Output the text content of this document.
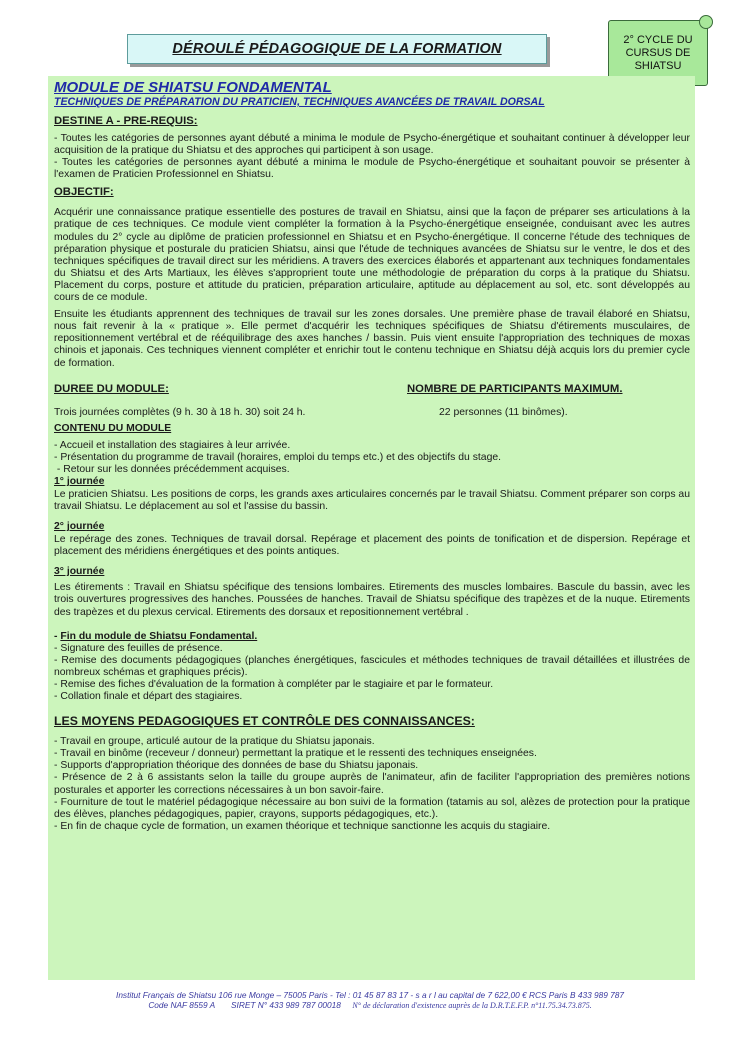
DÉROULÉ PÉDAGOGIQUE DE LA FORMATION
2° CYCLE DU
CURSUS DE
SHIATSU
MODULE DE SHIATSU FONDAMENTAL
TECHNIQUES DE PRÉPARATION DU PRATICIEN, TECHNIQUES AVANCÉES DE TRAVAIL DORSAL
DESTINE A - PRE-REQUIS:

- Toutes les catégories de personnes ayant débuté a minima le module de Psycho-énergétique et souhaitant continuer à développer leur acquisition de la pratique du Shiatsu et des approches qui participent à son usage.

- Toutes les catégories de personnes ayant débuté a minima le module de Psycho-énergétique et souhaitant pouvoir se présenter à l'examen de Praticien Professionnel en Shiatsu.

OBJECTIF:

Acquérir une connaissance pratique essentielle des postures de travail en Shiatsu, ainsi que la façon de préparer ses articulations à la pratique de ces techniques. Ce module vient compléter la formation à la Psycho-énergétique enseignée, conduisant avec les autres modules du 2° cycle au diplôme de praticien professionnel en Shiatsu et en Psycho-énergétique. Il concerne l'étude des techniques de préparation physique et posturale du praticien Shiatsu, ainsi que l'étude de techniques avancées de Shiatsu sur le ventre, le dos et des techniques spécifiques de travail direct sur les méridiens. A travers des exercices élaborés et appartenant aux techniques fondamentales du Shiatsu et des Arts Martiaux, les élèves s'approprient toute une méthodologie de préparation du corps à la pratique du Shiatsu. Placement du corps, posture et attitude du praticien, préparation articulaire, aptitude au déplacement au sol, etc. sont développés au cours de ce module.

Ensuite les étudiants apprennent des techniques de travail sur les zones dorsales. Une première phase de travail élaboré en Shiatsu, nous fait revenir à la « pratique ». Elle permet d'acquérir les techniques spécifiques de Shiatsu d'étirements musculaires, de repositionnement vertébral et de rééquilibrage des axes hanches / bassin. Puis vient ensuite l'appropriation des techniques de moxas chinois et japonais. Ces techniques viennent compléter et enrichir tout le contenu technique en Shiatsu déjà acquis lors du premier cycle de formation.

DUREE DU MODULE:	NOMBRE DE PARTICIPANTS MAXIMUM.
Trois journées complètes (9 h. 30 à 18 h. 30) soit 24 h.	22 personnes (11 binômes).
CONTENU DU MODULE

- Accueil et installation des stagiaires à leur arrivée.

- Présentation du programme de travail (horaires, emploi du temps etc.) et des objectifs du stage.

- Retour sur les données précédemment acquises.

1° journée

Le praticien Shiatsu. Les positions de corps, les grands axes articulaires concernés par le travail Shiatsu. Comment préparer son corps au travail Shiatsu. Le déplacement au sol et l'assise du bassin.

2° journée

Le repérage des zones. Techniques de travail dorsal. Repérage et placement des points de tonification et de dispersion. Repérage et placement des méridiens énergétiques et des points antiques.

3° journée

Les étirements : Travail en Shiatsu spécifique des tensions lombaires. Etirements des muscles lombaires. Bascule du bassin, avec les trois ouvertures progressives des hanches. Poussées de hanches. Travail de Shiatsu spécifique des trapèzes et de la nuque. Etirements des trapèzes et du plexus cervical. Etirements des dorsaux et repositionnement vertébral .

- Fin du module de Shiatsu Fondamental.

- Signature des feuilles de présence.

- Remise des documents pédagogiques (planches énergétiques, fascicules et méthodes techniques de travail détaillées et illustrées de nombreux schémas et graphiques précis).

- Remise des fiches d'évaluation de la formation à compléter par le stagiaire et par le formateur.

- Collation finale et départ des stagiaires.

LES MOYENS PEDAGOGIQUES ET CONTRÔLE DES CONNAISSANCES:

- Travail en groupe, articulé autour de la pratique du Shiatsu japonais.

- Travail en binôme (receveur / donneur) permettant la pratique et le ressenti des techniques enseignées.

- Supports d'appropriation théorique des données de base du Shiatsu japonais.

- Présence de 2 à 6 assistants selon la taille du groupe auprès de l'animateur, afin de faciliter l'appropriation des premières notions posturales et apporter les corrections nécessaires à un bon savoir-faire.

- Fourniture de tout le matériel pédagogique nécessaire au bon suivi de la formation (tatamis au sol, alèzes de protection pour la pratique des élèves, planches pédagogiques, papier, crayons, supports pédagogiques, etc.).

- En fin de chaque cycle de formation, un examen théorique et technique sanctionne les acquis du stagiaire.

Institut Français de Shiatsu 106 rue Monge – 75005 Paris - Tel : 01 45 87 83 17 - s a r l au capital de 7 622,00 € RCS Paris B 433 989 787
Code NAF 8559 A       SIRET N° 433 989 787 00018     N° de déclaration d'existence auprès de la D.R.T.E.F.P. n°11.75.34.73.875.
